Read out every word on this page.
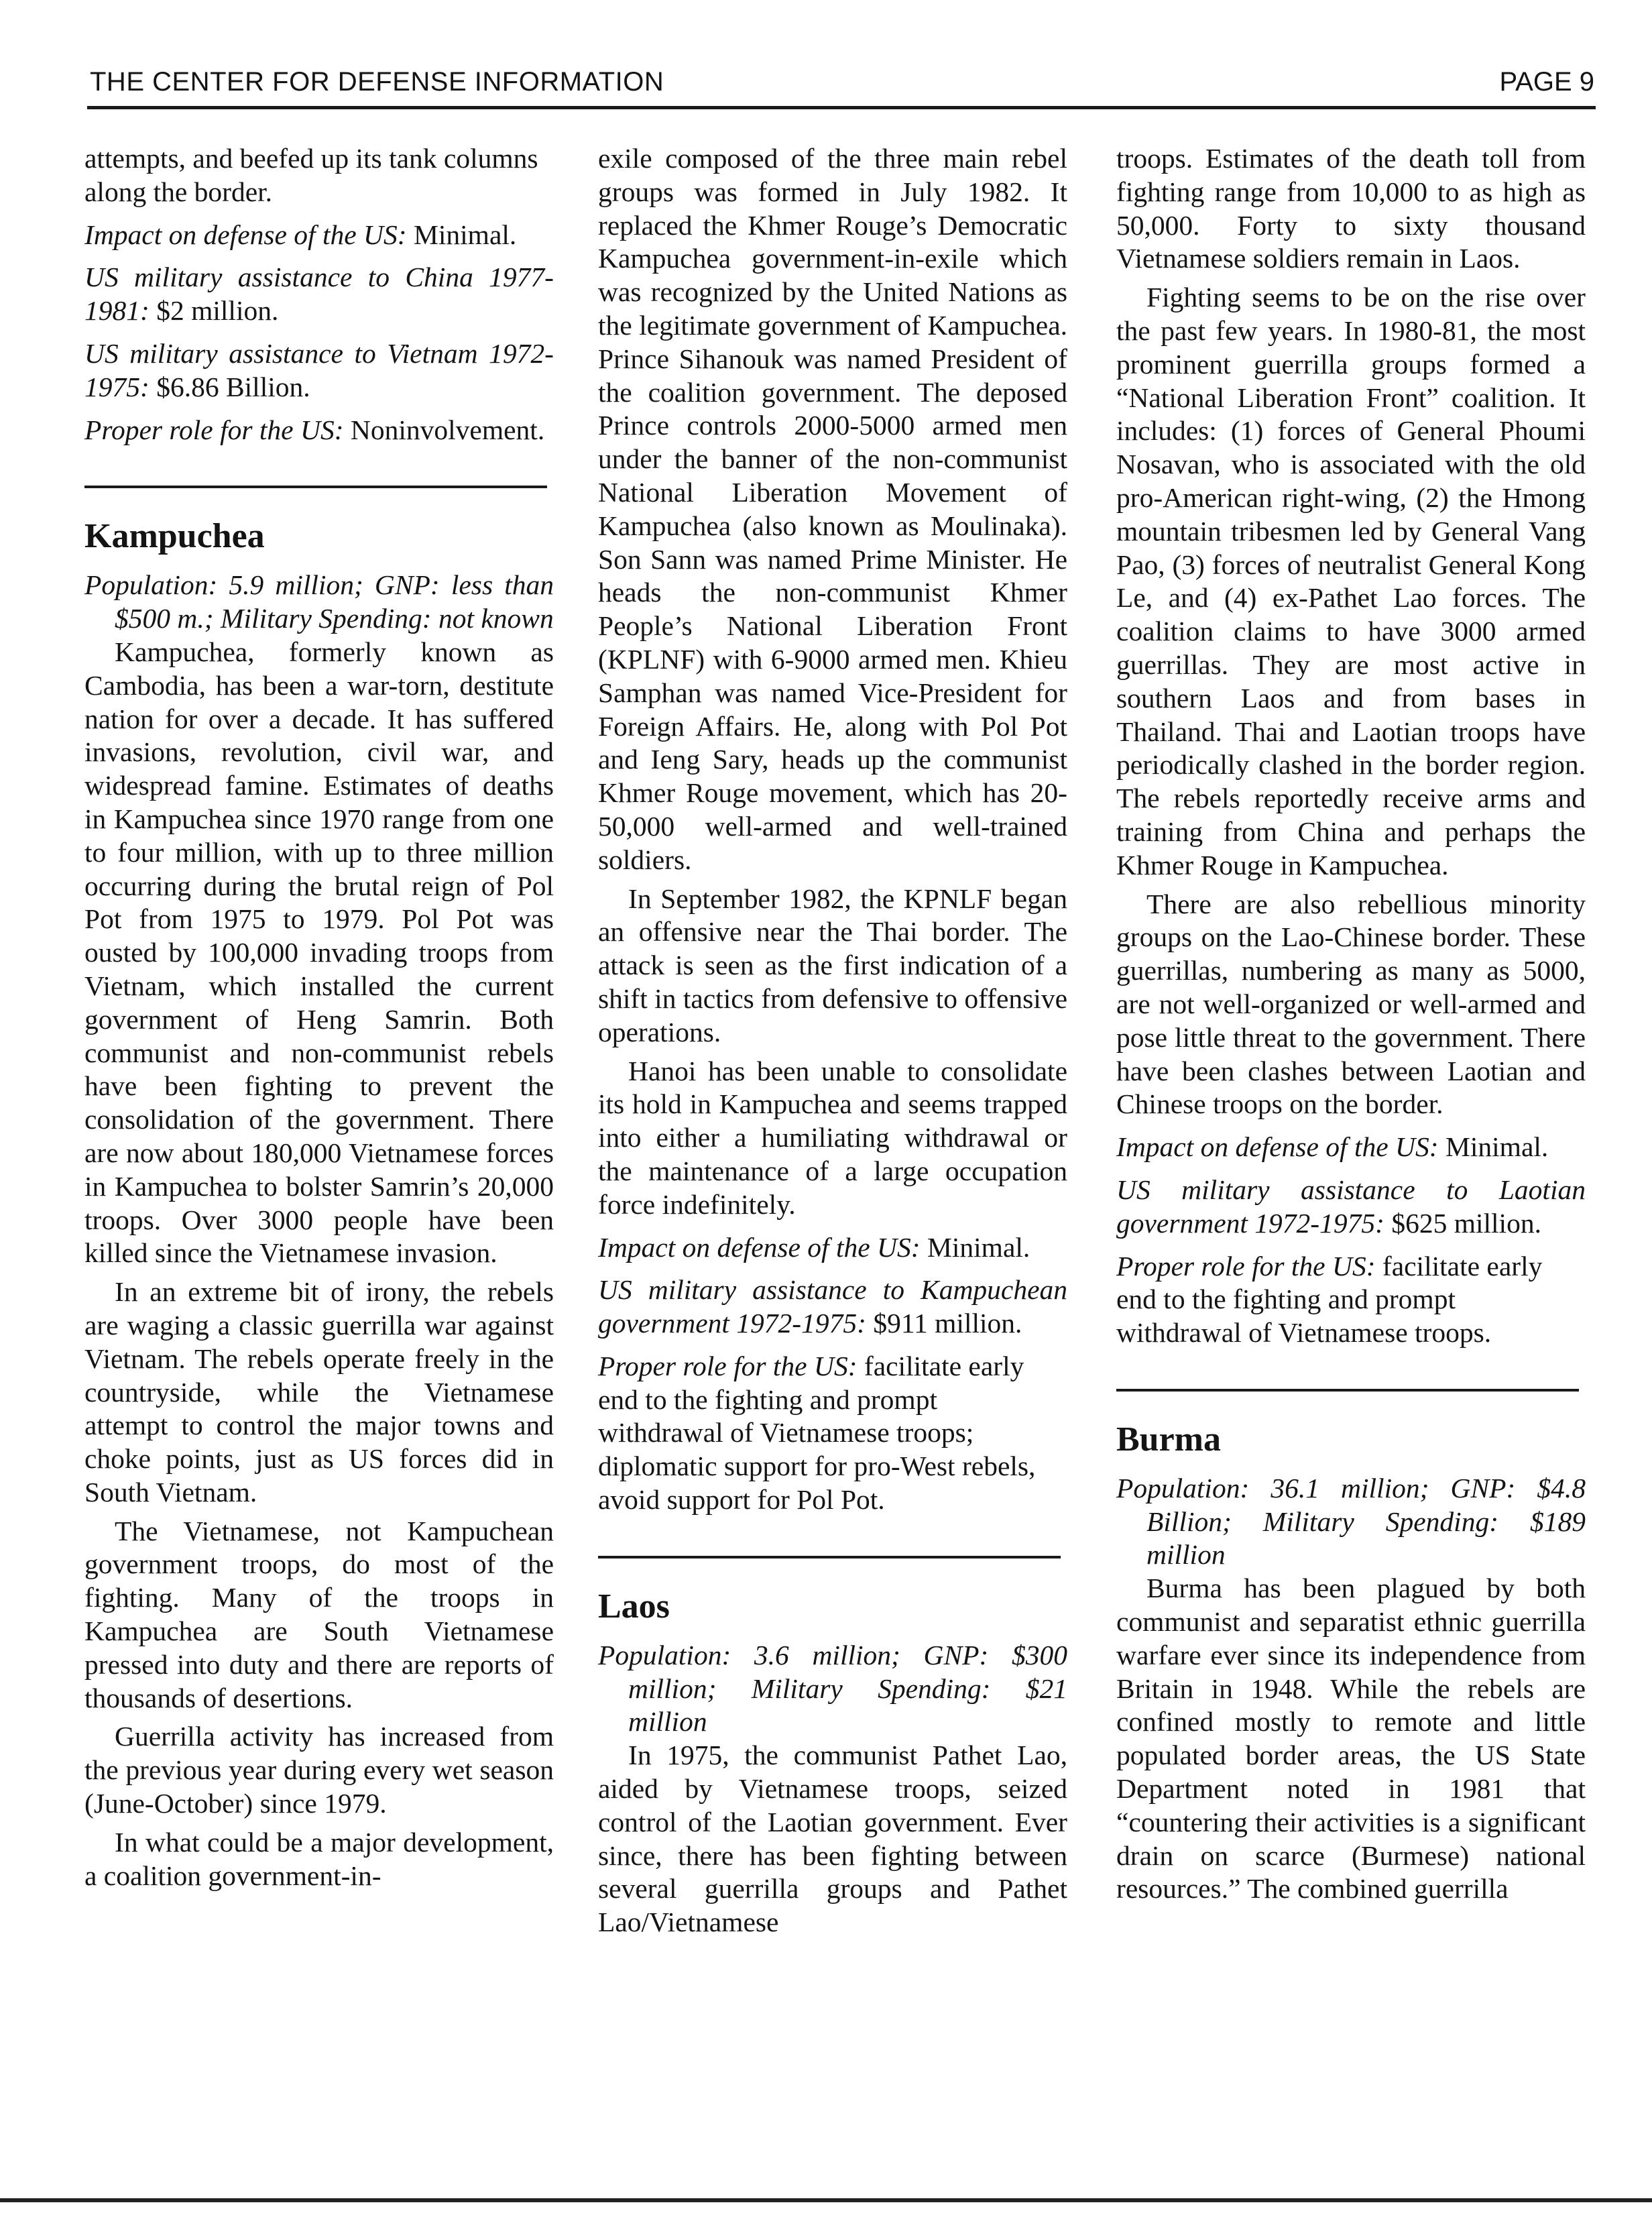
THE CENTER FOR DEFENSE INFORMATION	PAGE 9

attempts, and beefed up its tank columns along the border.

Impact on defense of the US: Minimal.

US military assistance to China 1977-1981: $2 million.

US military assistance to Vietnam 1972-1975: $6.86 Billion.

Proper role for the US: Noninvolvement.

Kampuchea

Population: 5.9 million; GNP: less than $500 m.; Military Spending: not known

Kampuchea, formerly known as Cambodia, has been a war-torn, destitute nation for over a decade. It has suffered invasions, revolution, civil war, and widespread famine. Estimates of deaths in Kampuchea since 1970 range from one to four million, with up to three million occurring during the brutal reign of Pol Pot from 1975 to 1979. Pol Pot was ousted by 100,000 invading troops from Vietnam, which installed the current government of Heng Samrin. Both communist and non-communist rebels have been fighting to prevent the consolidation of the government. There are now about 180,000 Vietnamese forces in Kampuchea to bolster Samrin’s 20,000 troops. Over 3000 people have been killed since the Vietnamese invasion.

In an extreme bit of irony, the rebels are waging a classic guerrilla war against Vietnam. The rebels operate freely in the countryside, while the Vietnamese attempt to control the major towns and choke points, just as US forces did in South Vietnam.

The Vietnamese, not Kampuchean government troops, do most of the fighting. Many of the troops in Kampuchea are South Vietnamese pressed into duty and there are reports of thousands of desertions.

Guerrilla activity has increased from the previous year during every wet season (June-October) since 1979.

In what could be a major development, a coalition government-in-

exile composed of the three main rebel groups was formed in July 1982. It replaced the Khmer Rouge’s Democratic Kampuchea government-in-exile which was recognized by the United Nations as the legitimate government of Kampuchea. Prince Sihanouk was named President of the coalition government. The deposed Prince controls 2000-5000 armed men under the banner of the non-communist National Liberation Movement of Kampuchea (also known as Moulinaka). Son Sann was named Prime Minister. He heads the non-communist Khmer People’s National Liberation Front (KPLNF) with 6-9000 armed men. Khieu Samphan was named Vice-President for Foreign Affairs. He, along with Pol Pot and Ieng Sary, heads up the communist Khmer Rouge movement, which has 20-50,000 well-armed and well-trained soldiers.

In September 1982, the KPNLF began an offensive near the Thai border. The attack is seen as the first indication of a shift in tactics from defensive to offensive operations.

Hanoi has been unable to consolidate its hold in Kampuchea and seems trapped into either a humiliating withdrawal or the maintenance of a large occupation force indefinitely.

Impact on defense of the US: Minimal.

US military assistance to Kampuchean government 1972-1975: $911 million.

Proper role for the US: facilitate early end to the fighting and prompt withdrawal of Vietnamese troops; diplomatic support for pro-West rebels, avoid support for Pol Pot.

Laos

Population: 3.6 million; GNP: $300 million; Military Spending: $21 million

In 1975, the communist Pathet Lao, aided by Vietnamese troops, seized control of the Laotian government. Ever since, there has been fighting between several guerrilla groups and Pathet Lao/Vietnamese

troops. Estimates of the death toll from fighting range from 10,000 to as high as 50,000. Forty to sixty thousand Vietnamese soldiers remain in Laos.

Fighting seems to be on the rise over the past few years. In 1980-81, the most prominent guerrilla groups formed a “National Liberation Front” coalition. It includes: (1) forces of General Phoumi Nosavan, who is associated with the old pro-American right-wing, (2) the Hmong mountain tribesmen led by General Vang Pao, (3) forces of neutralist General Kong Le, and (4) ex-Pathet Lao forces. The coalition claims to have 3000 armed guerrillas. They are most active in southern Laos and from bases in Thailand. Thai and Laotian troops have periodically clashed in the border region. The rebels reportedly receive arms and training from China and perhaps the Khmer Rouge in Kampuchea.

There are also rebellious minority groups on the Lao-Chinese border. These guerrillas, numbering as many as 5000, are not well-organized or well-armed and pose little threat to the government. There have been clashes between Laotian and Chinese troops on the border.

Impact on defense of the US: Minimal.

US military assistance to Laotian government 1972-1975: $625 million.

Proper role for the US: facilitate early end to the fighting and prompt withdrawal of Vietnamese troops.

Burma

Population: 36.1 million; GNP: $4.8 Billion; Military Spending: $189 million

Burma has been plagued by both communist and separatist ethnic guerrilla warfare ever since its independence from Britain in 1948. While the rebels are confined mostly to remote and little populated border areas, the US State Department noted in 1981 that “countering their activities is a significant drain on scarce (Burmese) national resources.” The combined guerrilla
